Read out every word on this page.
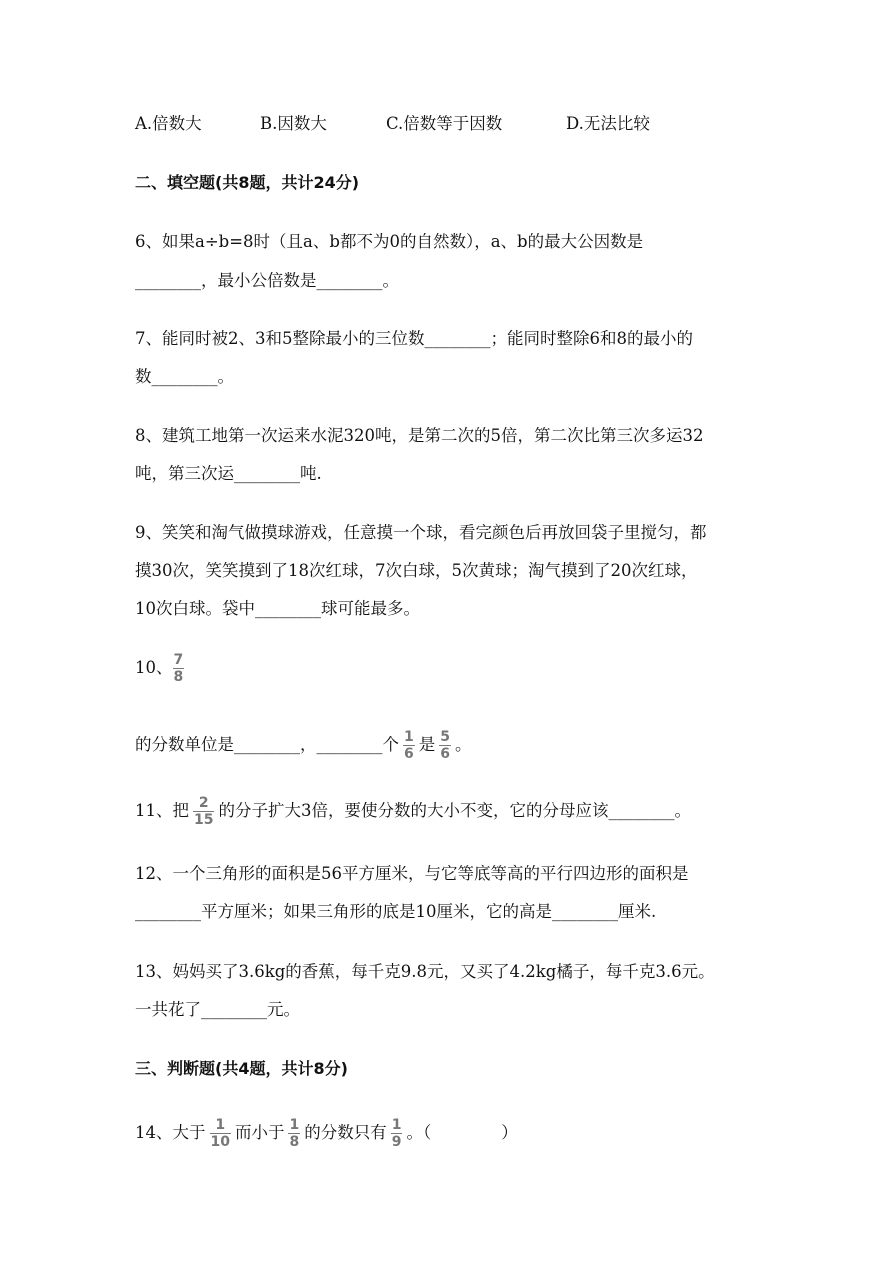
A.倍数大	B.因数大	C.倍数等于因数	D.无法比较
二、填空题(共8题，共计24分)
6、如果a÷b=8时（且a、b都不为0的自然数），a、b的最大公因数是
________，最小公倍数是________。
7、能同时被2、3和5整除最小的三位数________；能同时整除6和8的最小的
数________。
8、建筑工地第一次运来水泥320吨，是第二次的5倍，第二次比第三次多运32
吨，第三次运________吨.
9、笑笑和淘气做摸球游戏，任意摸一个球，看完颜色后再放回袋子里搅匀，都
摸30次，笑笑摸到了18次红球，7次白球，5次黄球；淘气摸到了20次红球，
10次白球。袋中________球可能最多。
10、 $\frac{7}{8}$
的分数单位是________，________个 $\frac{1}{6}$ 是 $\frac{5}{6}$ 。
11、把 $\frac{2}{15}$ 的分子扩大3倍，要使分数的大小不变，它的分母应该________。
12、一个三角形的面积是56平方厘米，与它等底等高的平行四边形的面积是
________平方厘米；如果三角形的底是10厘米，它的高是________厘米.
13、妈妈买了3.6kg的香蕉，每千克9.8元，又买了4.2kg橘子，每千克3.6元。
一共花了________元。
三、判断题(共4题，共计8分)
14、大于 $\frac{1}{10}$ 而小于 $\frac{1}{8}$ 的分数只有 $\frac{1}{9}$ 。（	）
